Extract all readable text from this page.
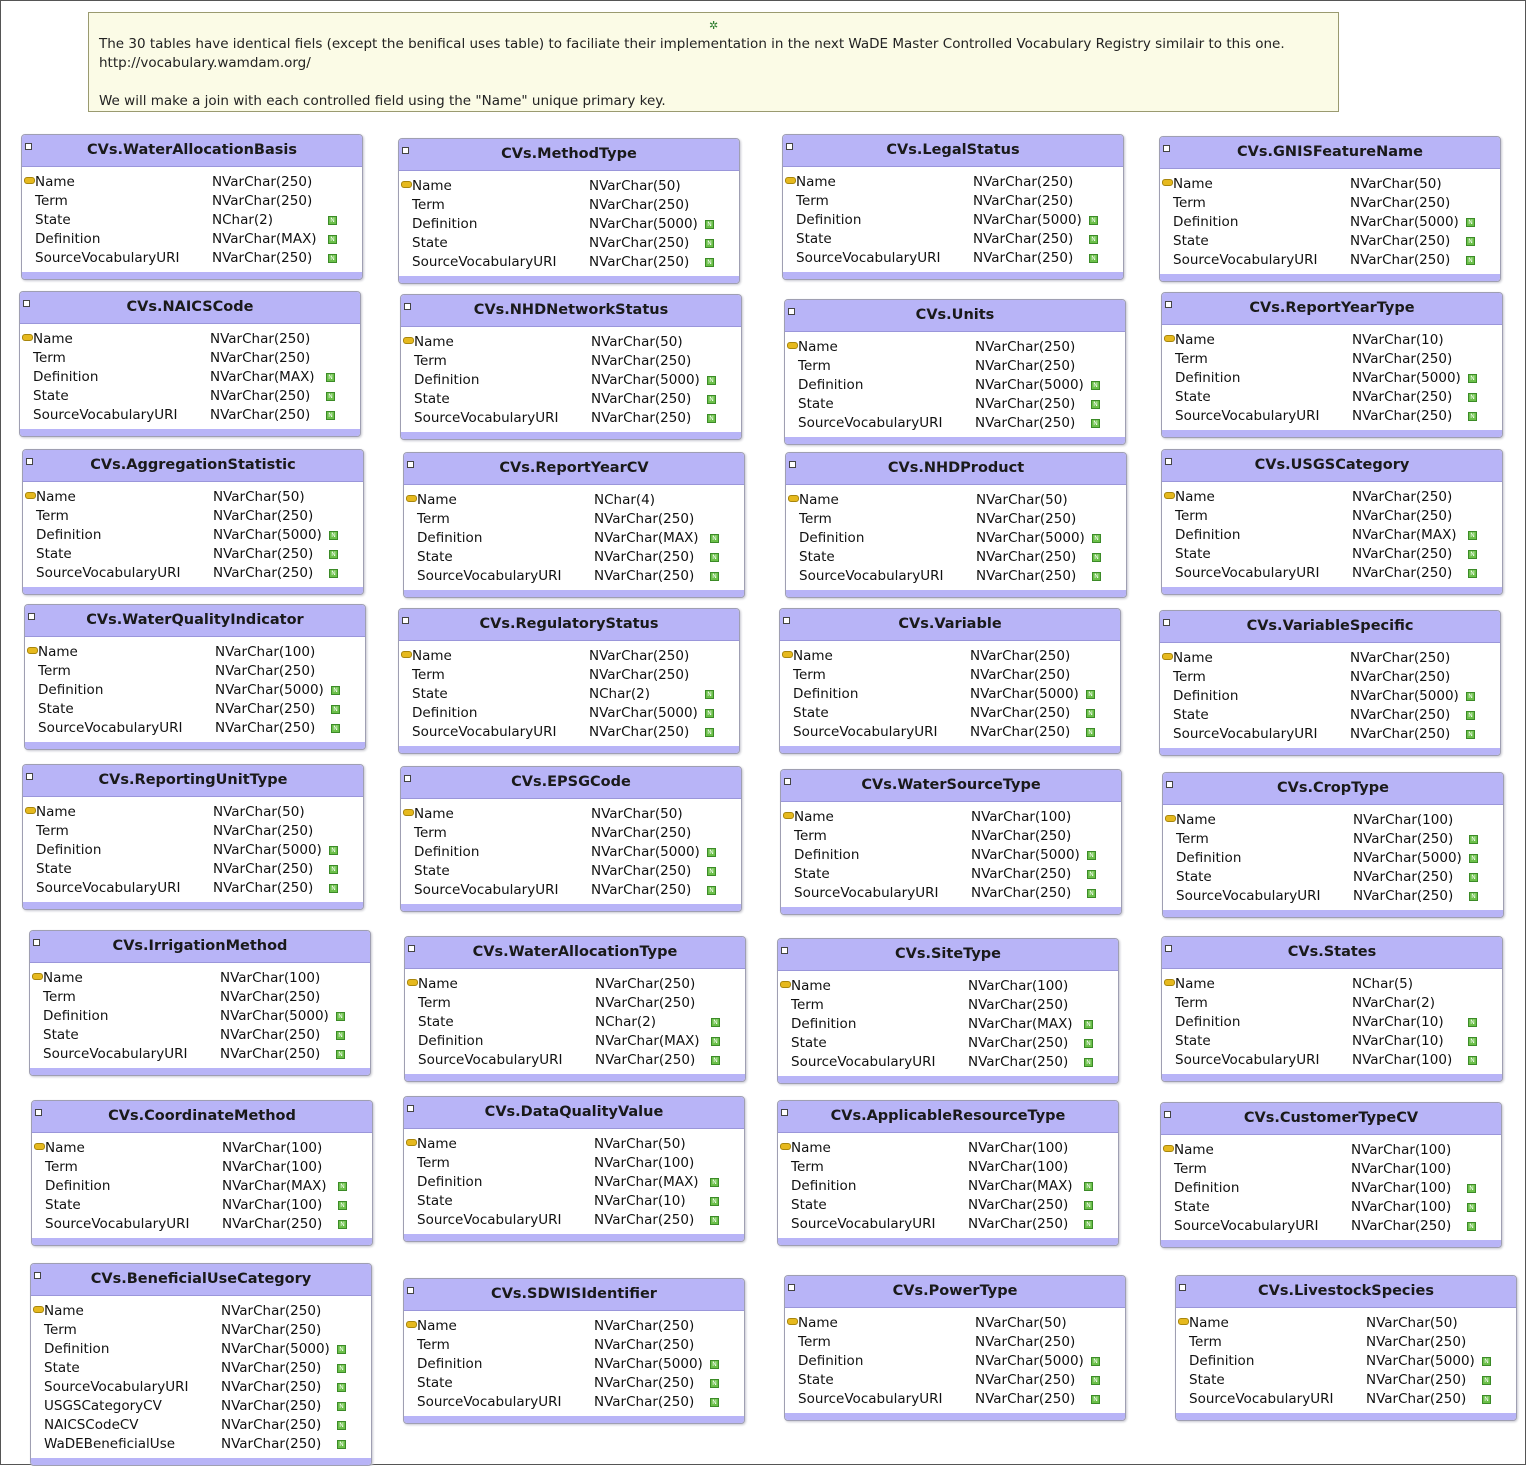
✲

The 30 tables have identical fiels (except the benifical uses table) to faciliate their implementation in the next WaDE Master Controlled Vocabulary Registry similair to this one.

http://vocabulary.wamdam.org/

We will make a join with each controlled field using the "Name" unique primary key.

CVs.WaterAllocationBasis
Name	NVarChar(250)
Term	NVarChar(250)
State	NChar(2)	N
Definition	NVarChar(MAX)	N
SourceVocabularyURI NVarChar(250)	N
CVs.MethodType
Name	NVarChar(50)
Term	NVarChar(250)
Definition	NVarChar(5000)	N
State	NVarChar(250)	N
SourceVocabularyURI NVarChar(250)	N
CVs.LegalStatus
Name	NVarChar(250)
Term	NVarChar(250)
Definition	NVarChar(5000)	N
State	NVarChar(250)	N
SourceVocabularyURI NVarChar(250)	N
CVs.GNISFeatureName
Name	NVarChar(50)
Term	NVarChar(250)
Definition	NVarChar(5000)	N
State	NVarChar(250)	N
SourceVocabularyURI NVarChar(250)	N
CVs.NAICSCode
Name	NVarChar(250)
Term	NVarChar(250)
Definition	NVarChar(MAX)	N
State	NVarChar(250)	N
SourceVocabularyURI NVarChar(250)	N
CVs.NHDNetworkStatus
Name	NVarChar(50)
Term	NVarChar(250)
Definition	NVarChar(5000)	N
State	NVarChar(250)	N
SourceVocabularyURI NVarChar(250)	N
CVs.Units
Name	NVarChar(250)
Term	NVarChar(250)
Definition	NVarChar(5000)	N
State	NVarChar(250)	N
SourceVocabularyURI NVarChar(250)	N
CVs.ReportYearType
Name	NVarChar(10)
Term	NVarChar(250)
Definition	NVarChar(5000)	N
State	NVarChar(250)	N
SourceVocabularyURI NVarChar(250)	N
CVs.AggregationStatistic
Name	NVarChar(50)
Term	NVarChar(250)
Definition	NVarChar(5000)	N
State	NVarChar(250)	N
SourceVocabularyURI NVarChar(250)	N
CVs.ReportYearCV
Name	NChar(4)
Term	NVarChar(250)
Definition	NVarChar(MAX)	N
State	NVarChar(250)	N
SourceVocabularyURI NVarChar(250)	N
CVs.NHDProduct
Name	NVarChar(50)
Term	NVarChar(250)
Definition	NVarChar(5000)	N
State	NVarChar(250)	N
SourceVocabularyURI NVarChar(250)	N
CVs.USGSCategory
Name	NVarChar(250)
Term	NVarChar(250)
Definition	NVarChar(MAX)	N
State	NVarChar(250)	N
SourceVocabularyURI NVarChar(250)	N
CVs.WaterQualityIndicator
Name	NVarChar(100)
Term	NVarChar(250)
Definition	NVarChar(5000)	N
State	NVarChar(250)	N
SourceVocabularyURI NVarChar(250)	N
CVs.RegulatoryStatus
Name	NVarChar(250)
Term	NVarChar(250)
State	NChar(2)	N
Definition	NVarChar(5000)	N
SourceVocabularyURI NVarChar(250)	N
CVs.Variable
Name	NVarChar(250)
Term	NVarChar(250)
Definition	NVarChar(5000)	N
State	NVarChar(250)	N
SourceVocabularyURI NVarChar(250)	N
CVs.VariableSpecific
Name	NVarChar(250)
Term	NVarChar(250)
Definition	NVarChar(5000)	N
State	NVarChar(250)	N
SourceVocabularyURI NVarChar(250)	N
CVs.ReportingUnitType
Name	NVarChar(50)
Term	NVarChar(250)
Definition	NVarChar(5000)	N
State	NVarChar(250)	N
SourceVocabularyURI NVarChar(250)	N
CVs.EPSGCode
Name	NVarChar(50)
Term	NVarChar(250)
Definition	NVarChar(5000)	N
State	NVarChar(250)	N
SourceVocabularyURI NVarChar(250)	N
CVs.WaterSourceType
Name	NVarChar(100)
Term	NVarChar(250)
Definition	NVarChar(5000)	N
State	NVarChar(250)	N
SourceVocabularyURI NVarChar(250)	N
CVs.CropType
Name	NVarChar(100)
Term	NVarChar(250)	N
Definition	NVarChar(5000)	N
State	NVarChar(250)	N
SourceVocabularyURI NVarChar(250)	N
CVs.IrrigationMethod
Name	NVarChar(100)
Term	NVarChar(250)
Definition	NVarChar(5000)	N
State	NVarChar(250)	N
SourceVocabularyURI NVarChar(250)	N
CVs.WaterAllocationType
Name	NVarChar(250)
Term	NVarChar(250)
State	NChar(2)	N
Definition	NVarChar(MAX)	N
SourceVocabularyURI NVarChar(250)	N
CVs.SiteType
Name	NVarChar(100)
Term	NVarChar(250)
Definition	NVarChar(MAX)	N
State	NVarChar(250)	N
SourceVocabularyURI NVarChar(250)	N
CVs.States
Name	NChar(5)
Term	NVarChar(2)
Definition	NVarChar(10)	N
State	NVarChar(10)	N
SourceVocabularyURI NVarChar(100)	N
CVs.CoordinateMethod
Name	NVarChar(100)
Term	NVarChar(100)
Definition	NVarChar(MAX)	N
State	NVarChar(100)	N
SourceVocabularyURI NVarChar(250)	N
CVs.DataQualityValue
Name	NVarChar(50)
Term	NVarChar(100)
Definition	NVarChar(MAX)	N
State	NVarChar(10)	N
SourceVocabularyURI NVarChar(250)	N
CVs.ApplicableResourceType
Name	NVarChar(100)
Term	NVarChar(100)
Definition	NVarChar(MAX)	N
State	NVarChar(250)	N
SourceVocabularyURI NVarChar(250)	N
CVs.CustomerTypeCV
Name	NVarChar(100)
Term	NVarChar(100)
Definition	NVarChar(100)	N
State	NVarChar(100)	N
SourceVocabularyURI NVarChar(250)	N
CVs.BeneficialUseCategory
Name	NVarChar(250)
Term	NVarChar(250)
Definition	NVarChar(5000)	N
State	NVarChar(250)	N
SourceVocabularyURI NVarChar(250)	N
USGSCategoryCV	NVarChar(250)	N
NAICSCodeCV	NVarChar(250)	N
WaDEBeneficialUse	NVarChar(250)	N
CVs.SDWISIdentifier
Name	NVarChar(250)
Term	NVarChar(250)
Definition	NVarChar(5000)	N
State	NVarChar(250)	N
SourceVocabularyURI NVarChar(250)	N
CVs.PowerType
Name	NVarChar(50)
Term	NVarChar(250)
Definition	NVarChar(5000)	N
State	NVarChar(250)	N
SourceVocabularyURI NVarChar(250)	N
CVs.LivestockSpecies
Name	NVarChar(50)
Term	NVarChar(250)
Definition	NVarChar(5000)	N
State	NVarChar(250)	N
SourceVocabularyURI NVarChar(250)	N
